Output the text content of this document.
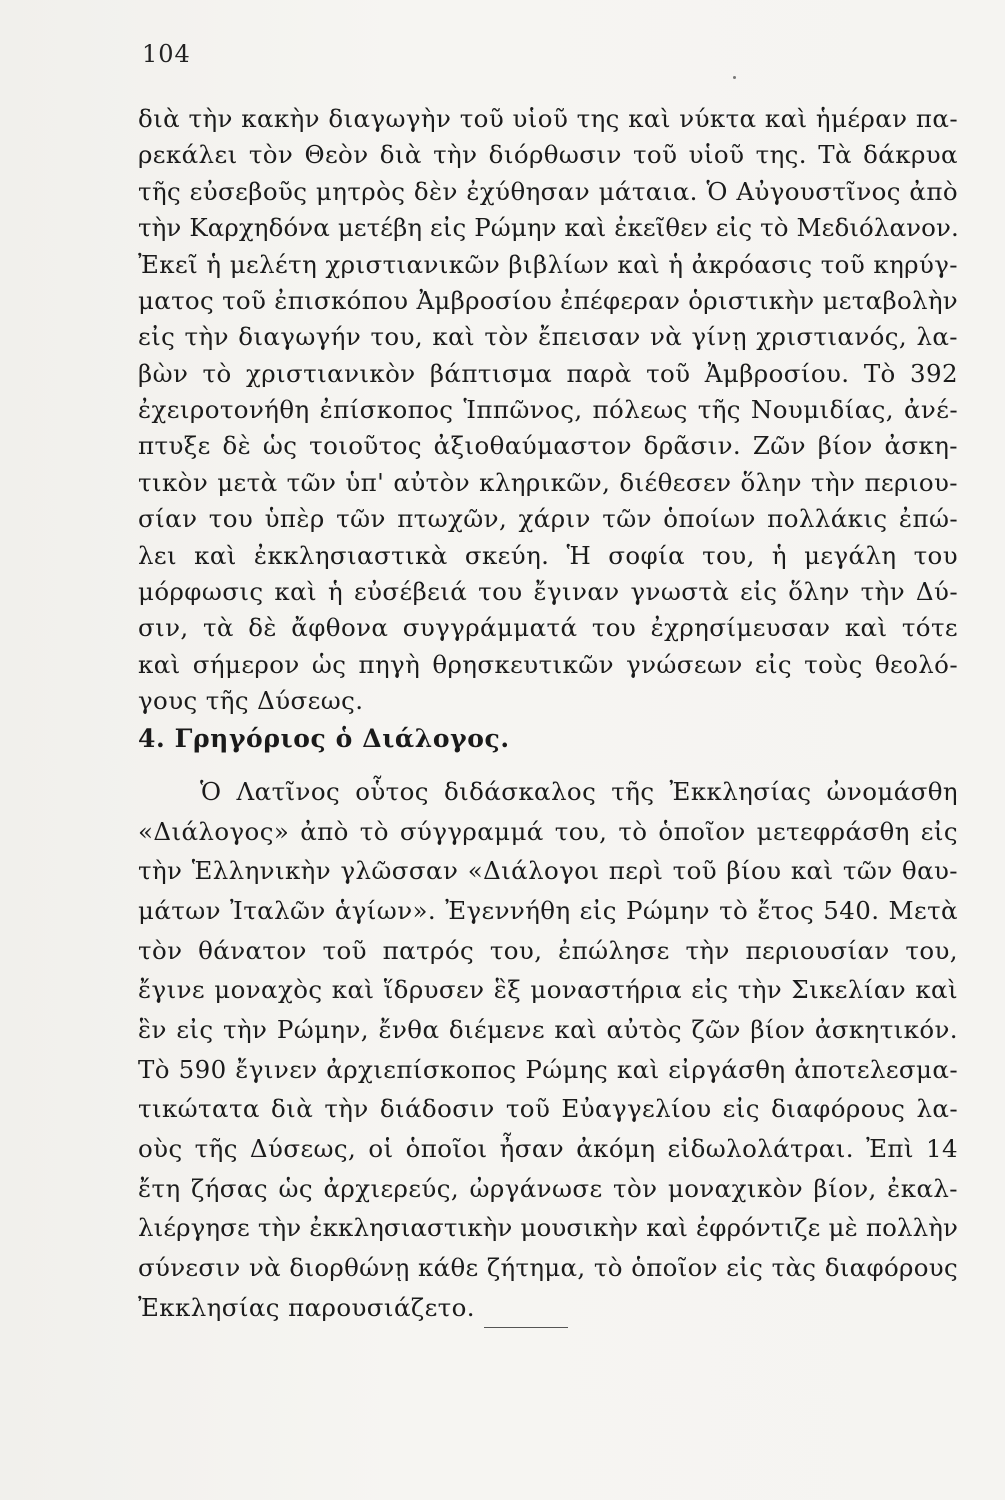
104
διὰ τὴν κακὴν διαγωγὴν τοῦ υἱοῦ της καὶ νύκτα καὶ ἡμέραν πα-
ρεκάλει τὸν Θεὸν διὰ τὴν διόρθωσιν τοῦ υἱοῦ της. Τὰ δάκρυα
τῆς εὐσεβοῦς μητρὸς δὲν ἐχύθησαν μάταια. Ὁ Αὐγουστῖνος ἀπὸ
τὴν Καρχηδόνα μετέβη εἰς Ρώμην καὶ ἐκεῖθεν εἰς τὸ Μεδιόλανον.
Ἐκεῖ ἡ μελέτη χριστιανικῶν βιβλίων καὶ ἡ ἀκρόασις τοῦ κηρύγ-
ματος τοῦ ἐπισκόπου Ἀμβροσίου ἐπέφεραν ὁριστικὴν μεταβολὴν
εἰς τὴν διαγωγήν του, καὶ τὸν ἔπεισαν νὰ γίνῃ χριστιανός, λα-
βὼν τὸ χριστιανικὸν βάπτισμα παρὰ τοῦ Ἀμβροσίου. Τὸ 392
ἐχειροτονήθη ἐπίσκοπος Ἱππῶνος, πόλεως τῆς Νουμιδίας, ἀνέ-
πτυξε δὲ ὡς τοιοῦτος ἀξιοθαύμαστον δρᾶσιν. Ζῶν βίον ἀσκη-
τικὸν μετὰ τῶν ὑπ' αὐτὸν κληρικῶν, διέθεσεν ὅλην τὴν περιου-
σίαν του ὑπὲρ τῶν πτωχῶν, χάριν τῶν ὁποίων πολλάκις ἐπώ-
λει καὶ ἐκκλησιαστικὰ σκεύη. Ἡ σοφία του, ἡ μεγάλη του
μόρφωσις καὶ ἡ εὐσέβειά του ἔγιναν γνωστὰ εἰς ὅλην τὴν Δύ-
σιν, τὰ δὲ ἄφθονα συγγράμματά του ἐχρησίμευσαν καὶ τότε
καὶ σήμερον ὡς πηγὴ θρησκευτικῶν γνώσεων εἰς τοὺς θεολό-
γους τῆς Δύσεως.
4. Γρηγόριος ὁ Διάλογος.
Ὁ Λατῖνος οὗτος διδάσκαλος τῆς Ἐκκλησίας ὠνομάσθη
«Διάλογος» ἀπὸ τὸ σύγγραμμά του, τὸ ὁποῖον μετεφράσθη εἰς
τὴν Ἑλληνικὴν γλῶσσαν «Διάλογοι περὶ τοῦ βίου καὶ τῶν θαυ-
μάτων Ἰταλῶν ἁγίων». Ἐγεννήθη εἰς Ρώμην τὸ ἔτος 540. Μετὰ
τὸν θάνατον τοῦ πατρός του, ἐπώλησε τὴν περιουσίαν του,
ἔγινε μοναχὸς καὶ ἵδρυσεν ἓξ μοναστήρια εἰς τὴν Σικελίαν καὶ
ἓν εἰς τὴν Ρώμην, ἔνθα διέμενε καὶ αὐτὸς ζῶν βίον ἀσκητικόν.
Τὸ 590 ἔγινεν ἀρχιεπίσκοπος Ρώμης καὶ εἰργάσθη ἀποτελεσμα-
τικώτατα διὰ τὴν διάδοσιν τοῦ Εὐαγγελίου εἰς διαφόρους λα-
οὺς τῆς Δύσεως, οἱ ὁποῖοι ἦσαν ἀκόμη εἰδωλολάτραι. Ἐπὶ 14
ἔτη ζήσας ὡς ἀρχιερεύς, ὠργάνωσε τὸν μοναχικὸν βίον, ἐκαλ-
λιέργησε τὴν ἐκκλησιαστικὴν μουσικὴν καὶ ἐφρόντιζε μὲ πολλὴν
σύνεσιν νὰ διορθώνῃ κάθε ζήτημα, τὸ ὁποῖον εἰς τὰς διαφόρους
Ἐκκλησίας παρουσιάζετο.
